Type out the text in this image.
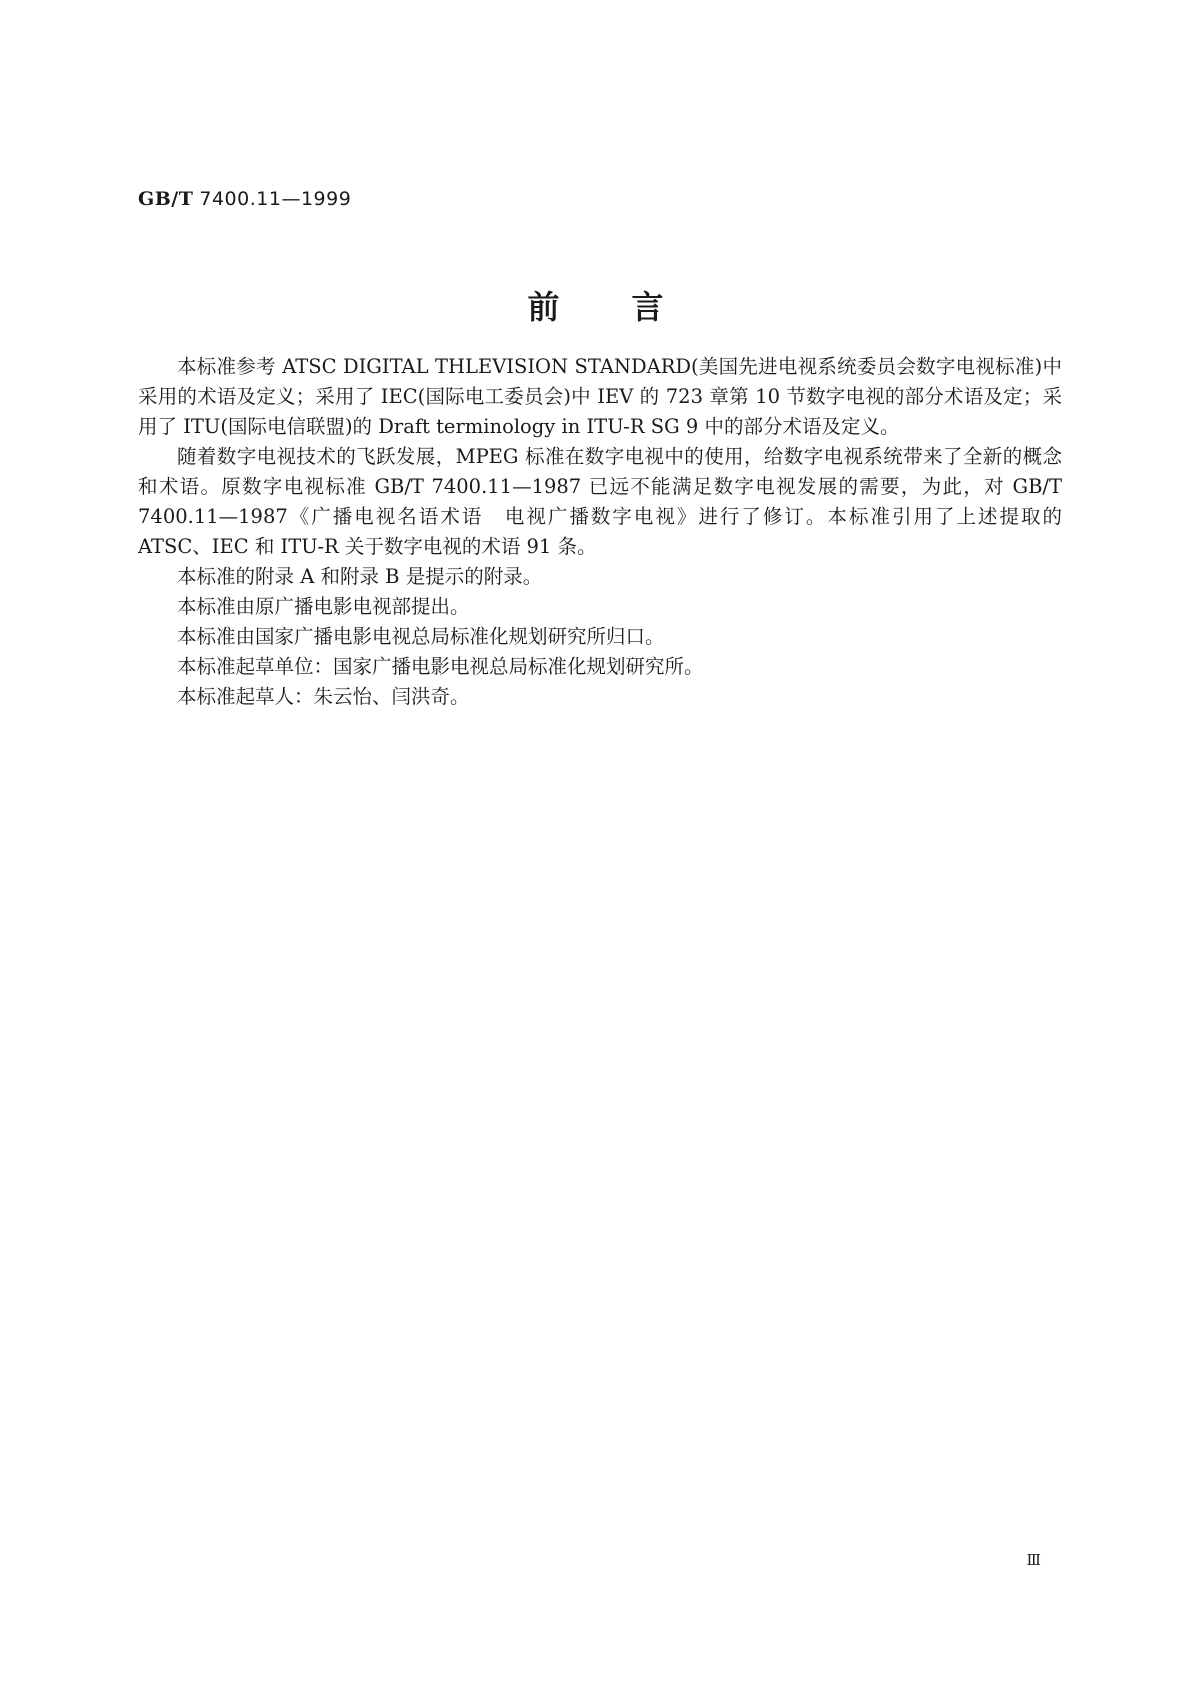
GB/T 7400.11—1999
前言

本标准参考 ATSC DIGITAL THLEVISION STANDARD(美国先进电视系统委员会数字电视标准)中采用的术语及定义；采用了 IEC(国际电工委员会)中 IEV 的 723 章第 10 节数字电视的部分术语及定；采用了 ITU(国际电信联盟)的 Draft terminology in ITU-R SG 9 中的部分术语及定义。

随着数字电视技术的飞跃发展，MPEG 标准在数字电视中的使用，给数字电视系统带来了全新的概念和术语。原数字电视标准 GB/T 7400.11—1987 已远不能满足数字电视发展的需要，为此，对 GB/T 7400.11—1987《广播电视名语术语　电视广播数字电视》进行了修订。本标准引用了上述提取的 ATSC、IEC 和 ITU-R 关于数字电视的术语 91 条。

本标准的附录 A 和附录 B 是提示的附录。

本标准由原广播电影电视部提出。

本标准由国家广播电影电视总局标准化规划研究所归口。

本标准起草单位：国家广播电影电视总局标准化规划研究所。

本标准起草人：朱云怡、闫洪奇。

Ⅲ
